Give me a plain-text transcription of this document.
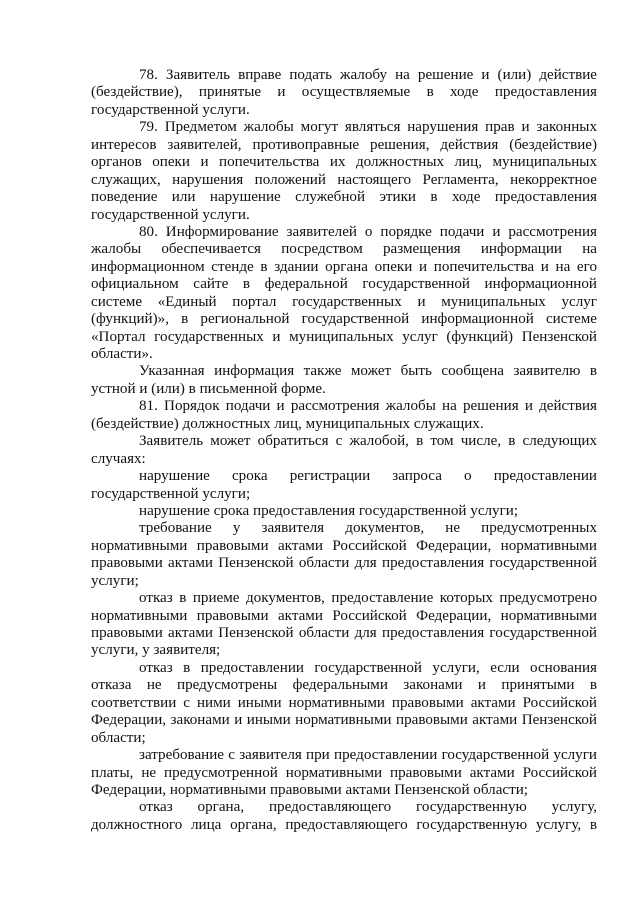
78. Заявитель вправе подать жалобу на решение и (или) действие
(бездействие), принятые и осуществляемые в ходе предоставления
государственной услуги.
79. Предметом жалобы могут являться нарушения прав и законных
интересов заявителей, противоправные решения, действия (бездействие)
органов опеки и попечительства их должностных лиц, муниципальных
служащих, нарушения положений настоящего Регламента, некорректное
поведение или нарушение служебной этики в ходе предоставления
государственной услуги.
80. Информирование заявителей о порядке подачи и рассмотрения
жалобы обеспечивается посредством размещения информации на
информационном стенде в здании органа опеки и попечительства и на его
официальном сайте в федеральной государственной информационной
системе «Единый портал государственных и муниципальных услуг
(функций)», в региональной государственной информационной системе
«Портал государственных и муниципальных услуг (функций) Пензенской
области».
Указанная информация также может быть сообщена заявителю в
устной и (или) в письменной форме.
81. Порядок подачи и рассмотрения жалобы на решения и действия
(бездействие) должностных лиц, муниципальных служащих.
Заявитель может обратиться с жалобой, в том числе, в следующих
случаях:
нарушение срока регистрации запроса о предоставлении
государственной услуги;
нарушение срока предоставления государственной услуги;
требование у заявителя документов, не предусмотренных
нормативными правовыми актами Российской Федерации, нормативными
правовыми актами Пензенской области для предоставления государственной
услуги;
отказ в приеме документов, предоставление которых предусмотрено
нормативными правовыми актами Российской Федерации, нормативными
правовыми актами Пензенской области для предоставления государственной
услуги, у заявителя;
отказ в предоставлении государственной услуги, если основания
отказа не предусмотрены федеральными законами и принятыми в
соответствии с ними иными нормативными правовыми актами Российской
Федерации, законами и иными нормативными правовыми актами Пензенской
области;
затребование с заявителя при предоставлении государственной услуги
платы, не предусмотренной нормативными правовыми актами Российской
Федерации, нормативными правовыми актами Пензенской области;
отказ органа, предоставляющего государственную услугу,
должностного лица органа, предоставляющего государственную услугу, в
